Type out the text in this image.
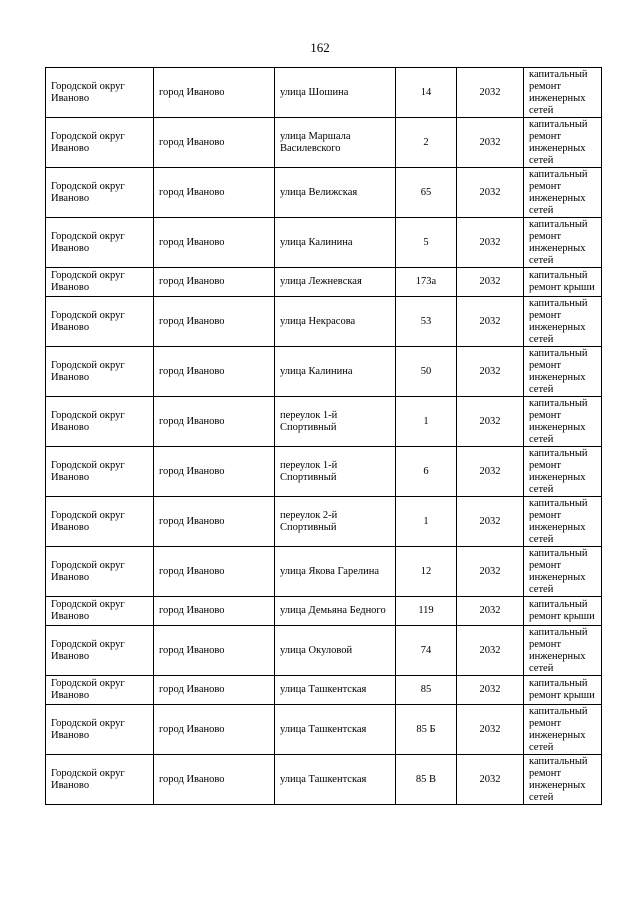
162
Городской округ Иваново	город Иваново	улица Шошина	14	2032	капитальный ремонт инженерных сетей
Городской округ Иваново	город Иваново	улица Маршала Василевского	2	2032	капитальный ремонт инженерных сетей
Городской округ Иваново	город Иваново	улица Велижская	65	2032	капитальный ремонт инженерных сетей
Городской округ Иваново	город Иваново	улица Калинина	5	2032	капитальный ремонт инженерных сетей
Городской округ Иваново	город Иваново	улица Лежневская	173а	2032	капитальный ремонт крыши
Городской округ Иваново	город Иваново	улица Некрасова	53	2032	капитальный ремонт инженерных сетей
Городской округ Иваново	город Иваново	улица Калинина	50	2032	капитальный ремонт инженерных сетей
Городской округ Иваново	город Иваново	переулок 1-й Спортивный	1	2032	капитальный ремонт инженерных сетей
Городской округ Иваново	город Иваново	переулок 1-й Спортивный	6	2032	капитальный ремонт инженерных сетей
Городской округ Иваново	город Иваново	переулок 2-й Спортивный	1	2032	капитальный ремонт инженерных сетей
Городской округ Иваново	город Иваново	улица Якова Гарелина	12	2032	капитальный ремонт инженерных сетей
Городской округ Иваново	город Иваново	улица Демьяна Бедного	119	2032	капитальный ремонт крыши
Городской округ Иваново	город Иваново	улица Окуловой	74	2032	капитальный ремонт инженерных сетей
Городской округ Иваново	город Иваново	улица Ташкентская	85	2032	капитальный ремонт крыши
Городской округ Иваново	город Иваново	улица Ташкентская	85 Б	2032	капитальный ремонт инженерных сетей
Городской округ Иваново	город Иваново	улица Ташкентская	85 В	2032	капитальный ремонт инженерных сетей
